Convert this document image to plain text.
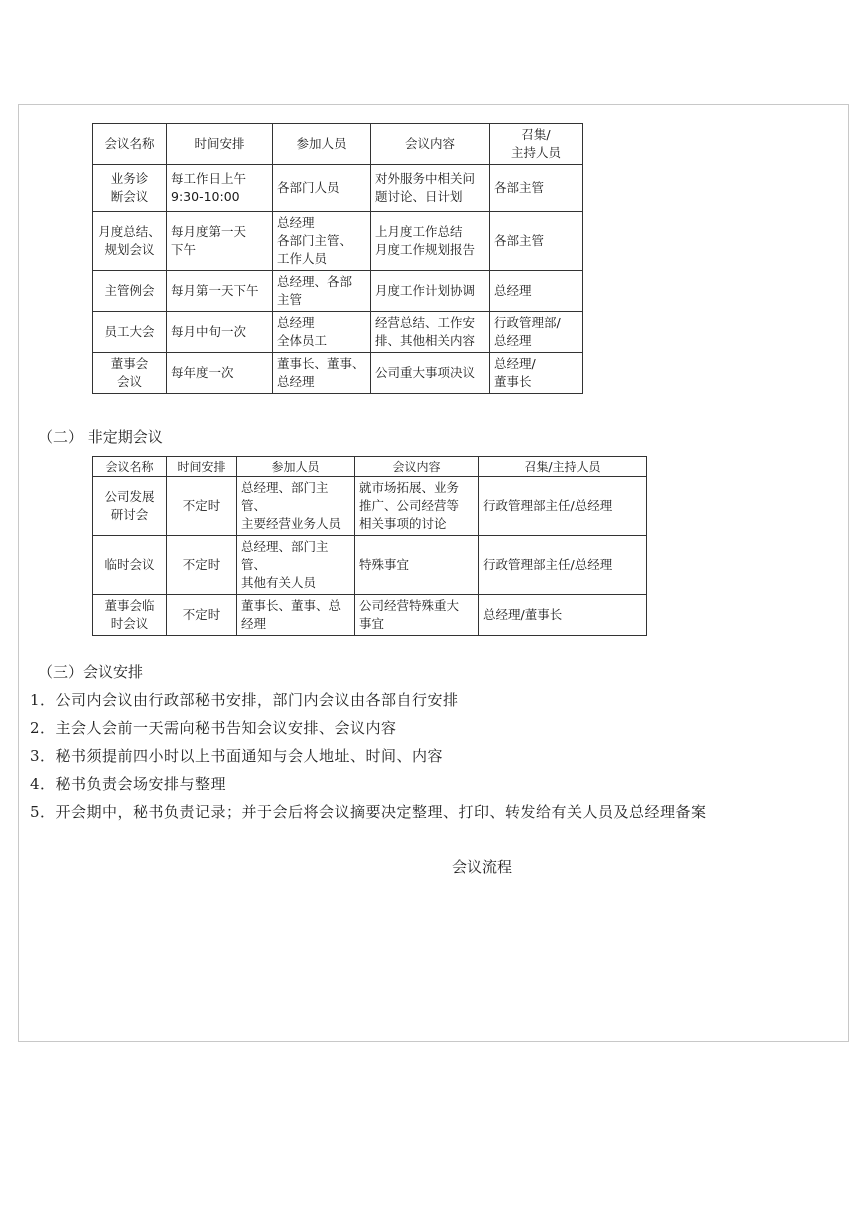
会议名称	时间安排	参加人员	会议内容	召集/
主持人员

业务诊
断会议	每工作日上午
9:30-10:00	各部门人员	对外服务中相关问
题讨论、日计划	各部主管

月度总结、
规划会议	每月度第一天
下午	总经理
各部门主管、
工作人员	上月度工作总结
月度工作规划报告	各部主管

主管例会	每月第一天下午	总经理、各部
主管	月度工作计划协调	总经理

员工大会	每月中旬一次	总经理
全体员工	经营总结、工作安
排、其他相关内容	行政管理部/
总经理

董事会
会议	每年度一次	董事长、董事、
总经理	公司重大事项决议	总经理/
董事长
（二） 非定期会议
会议名称	时间安排	参加人员	会议内容	召集/主持人员

公司发展
研讨会	不定时	总经理、部门主管、
主要经营业务人员	就市场拓展、业务
推广、公司经营等
相关事项的讨论	行政管理部主任/总经理

临时会议	不定时	总经理、部门主管、
其他有关人员	特殊事宜	行政管理部主任/总经理

董事会临
时会议	不定时	董事长、董事、总
经理	公司经营特殊重大
事宜	总经理/董事长
（三）会议安排
1．公司内会议由行政部秘书安排，部门内会议由各部自行安排
2．主会人会前一天需向秘书告知会议安排、会议内容
3．秘书须提前四小时以上书面通知与会人地址、时间、内容
4．秘书负责会场安排与整理
5．开会期中，秘书负责记录；并于会后将会议摘要决定整理、打印、转发给有关人员及总经理备案
会议流程
